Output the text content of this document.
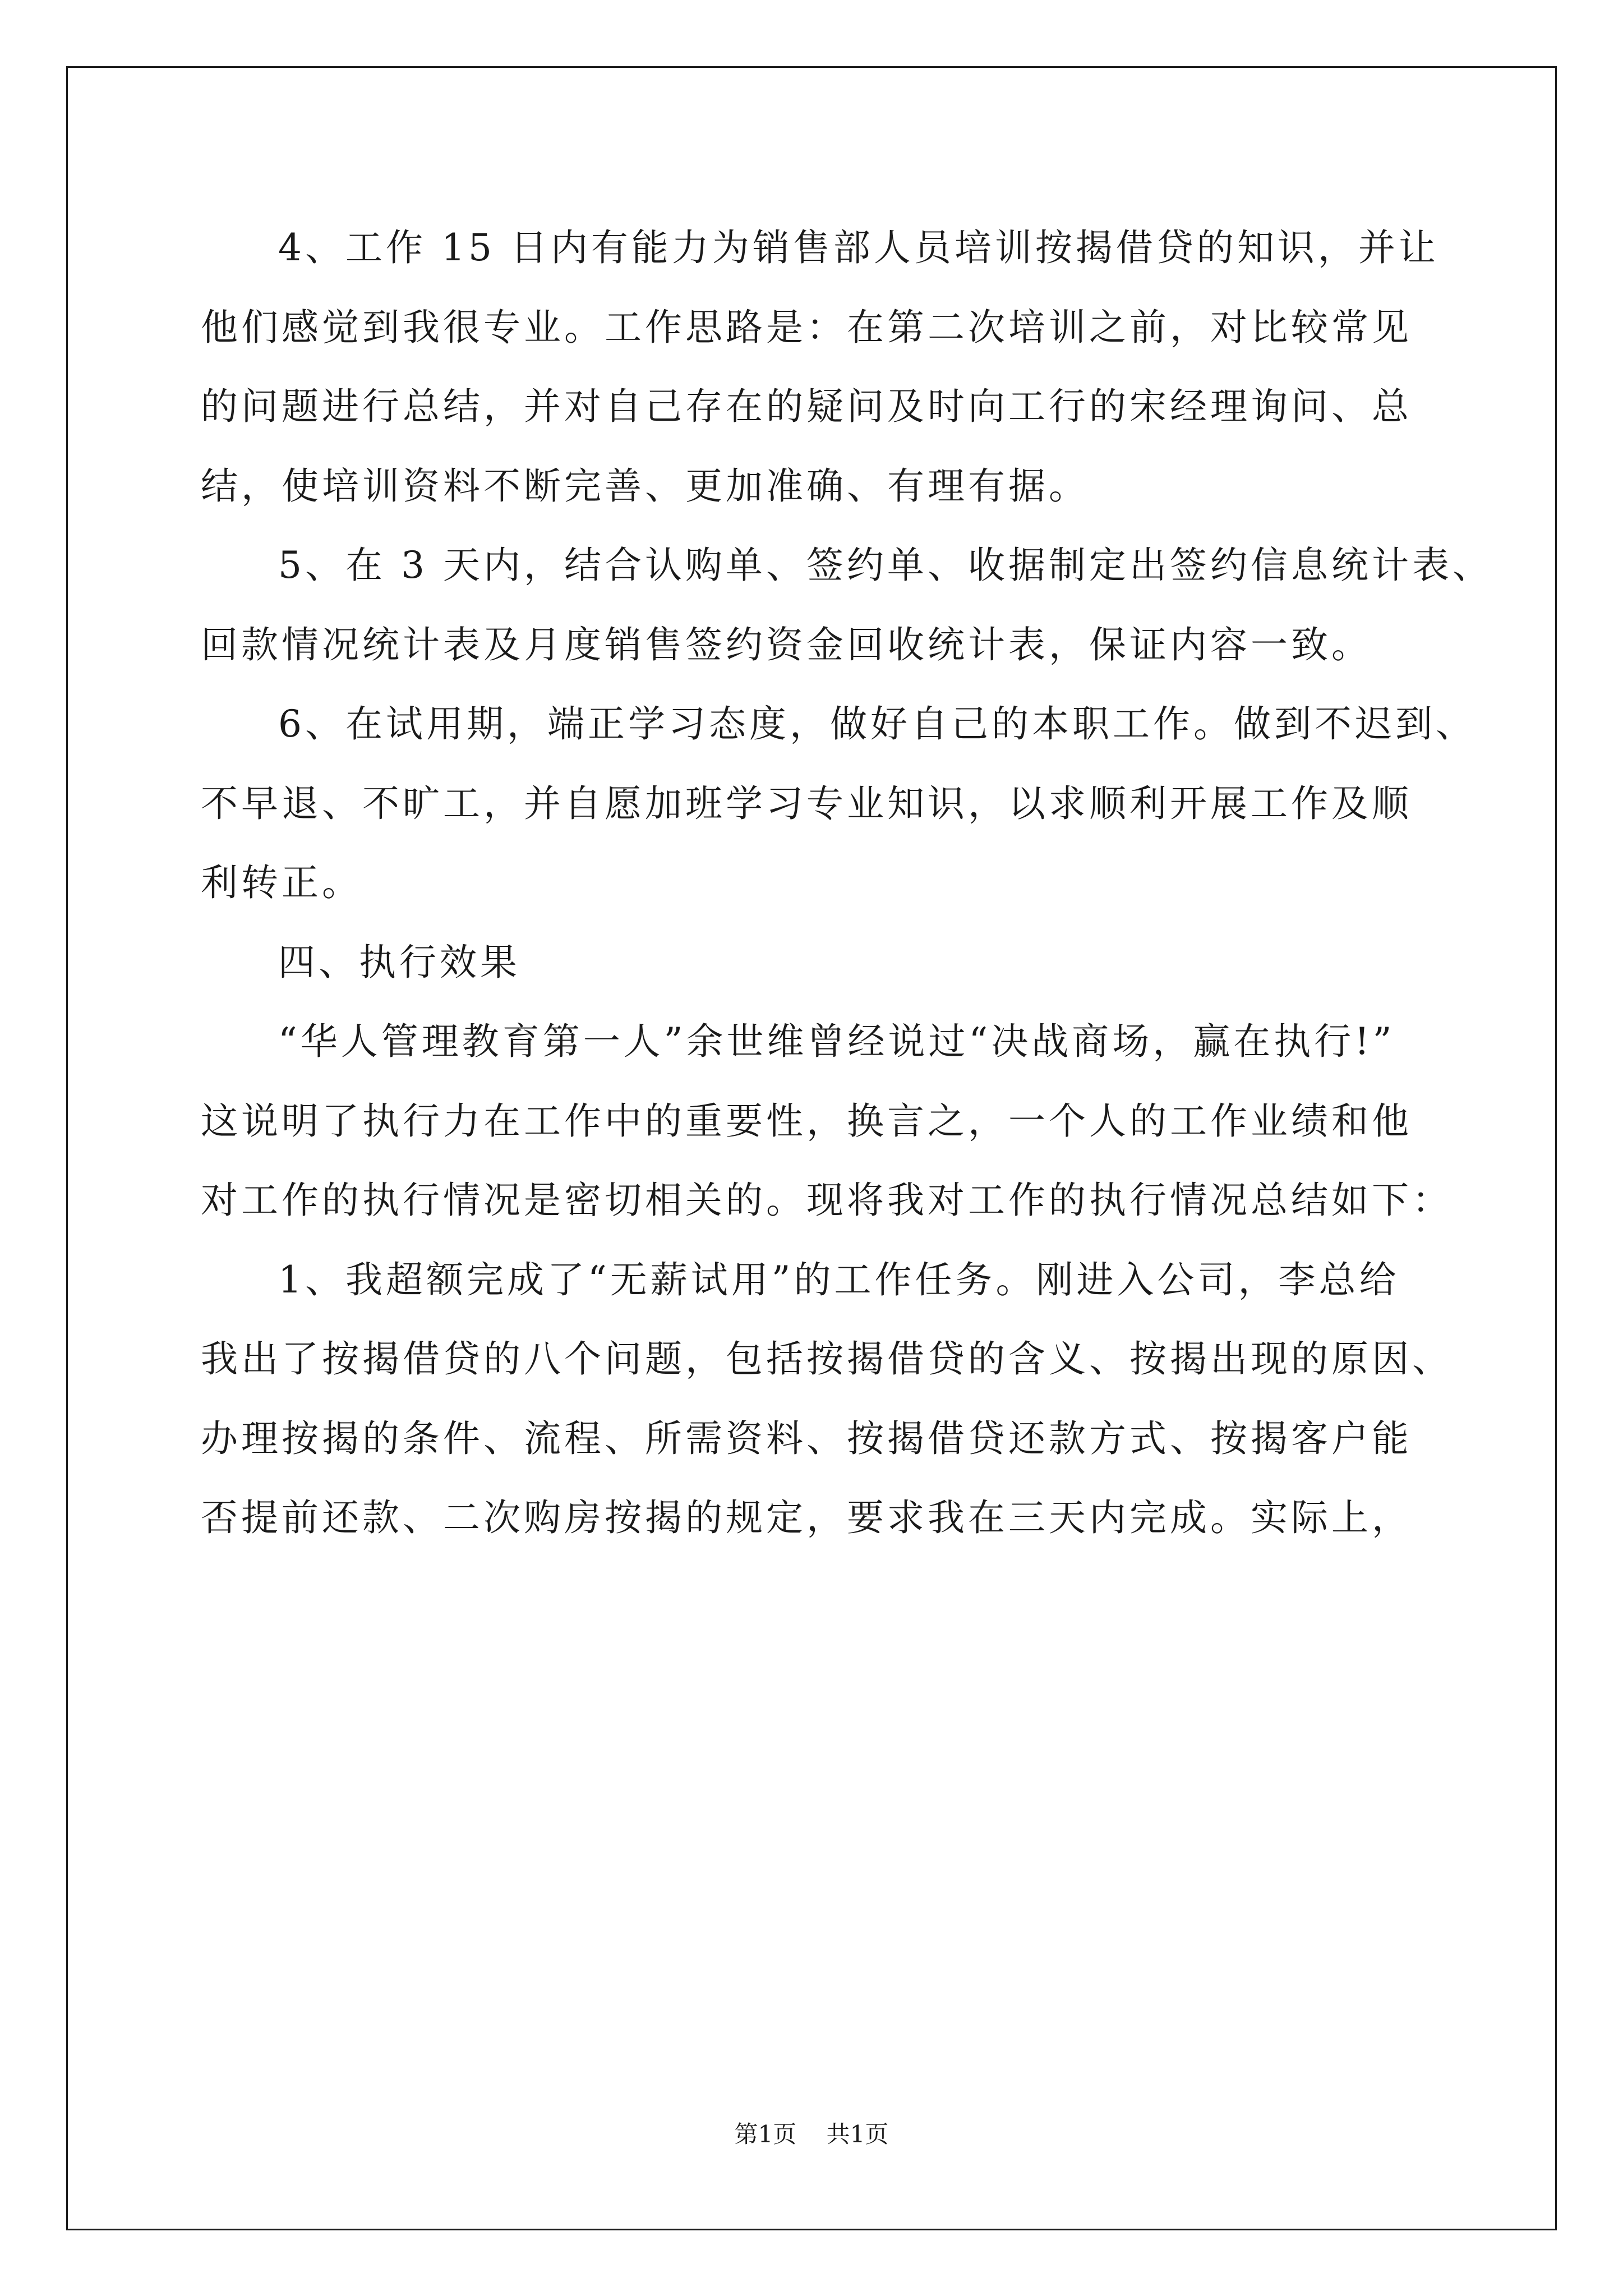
4、工作 15 日内有能力为销售部人员培训按揭借贷的知识，并让
他们感觉到我很专业。工作思路是：在第二次培训之前，对比较常见
的问题进行总结，并对自己存在的疑问及时向工行的宋经理询问、总
结，使培训资料不断完善、更加准确、有理有据。
5、在 3 天内，结合认购单、签约单、收据制定出签约信息统计表、
回款情况统计表及月度销售签约资金回收统计表，保证内容一致。
6、在试用期，端正学习态度，做好自己的本职工作。做到不迟到、
不早退、不旷工，并自愿加班学习专业知识，以求顺利开展工作及顺
利转正。
四、执行效果
“华人管理教育第一人”余世维曾经说过“决战商场，赢在执行!”
这说明了执行力在工作中的重要性，换言之，一个人的工作业绩和他
对工作的执行情况是密切相关的。现将我对工作的执行情况总结如下：
1、我超额完成了“无薪试用”的工作任务。刚进入公司，李总给
我出了按揭借贷的八个问题，包括按揭借贷的含义、按揭出现的原因、
办理按揭的条件、流程、所需资料、按揭借贷还款方式、按揭客户能
否提前还款、二次购房按揭的规定，要求我在三天内完成。实际上，
第1页 共1页
